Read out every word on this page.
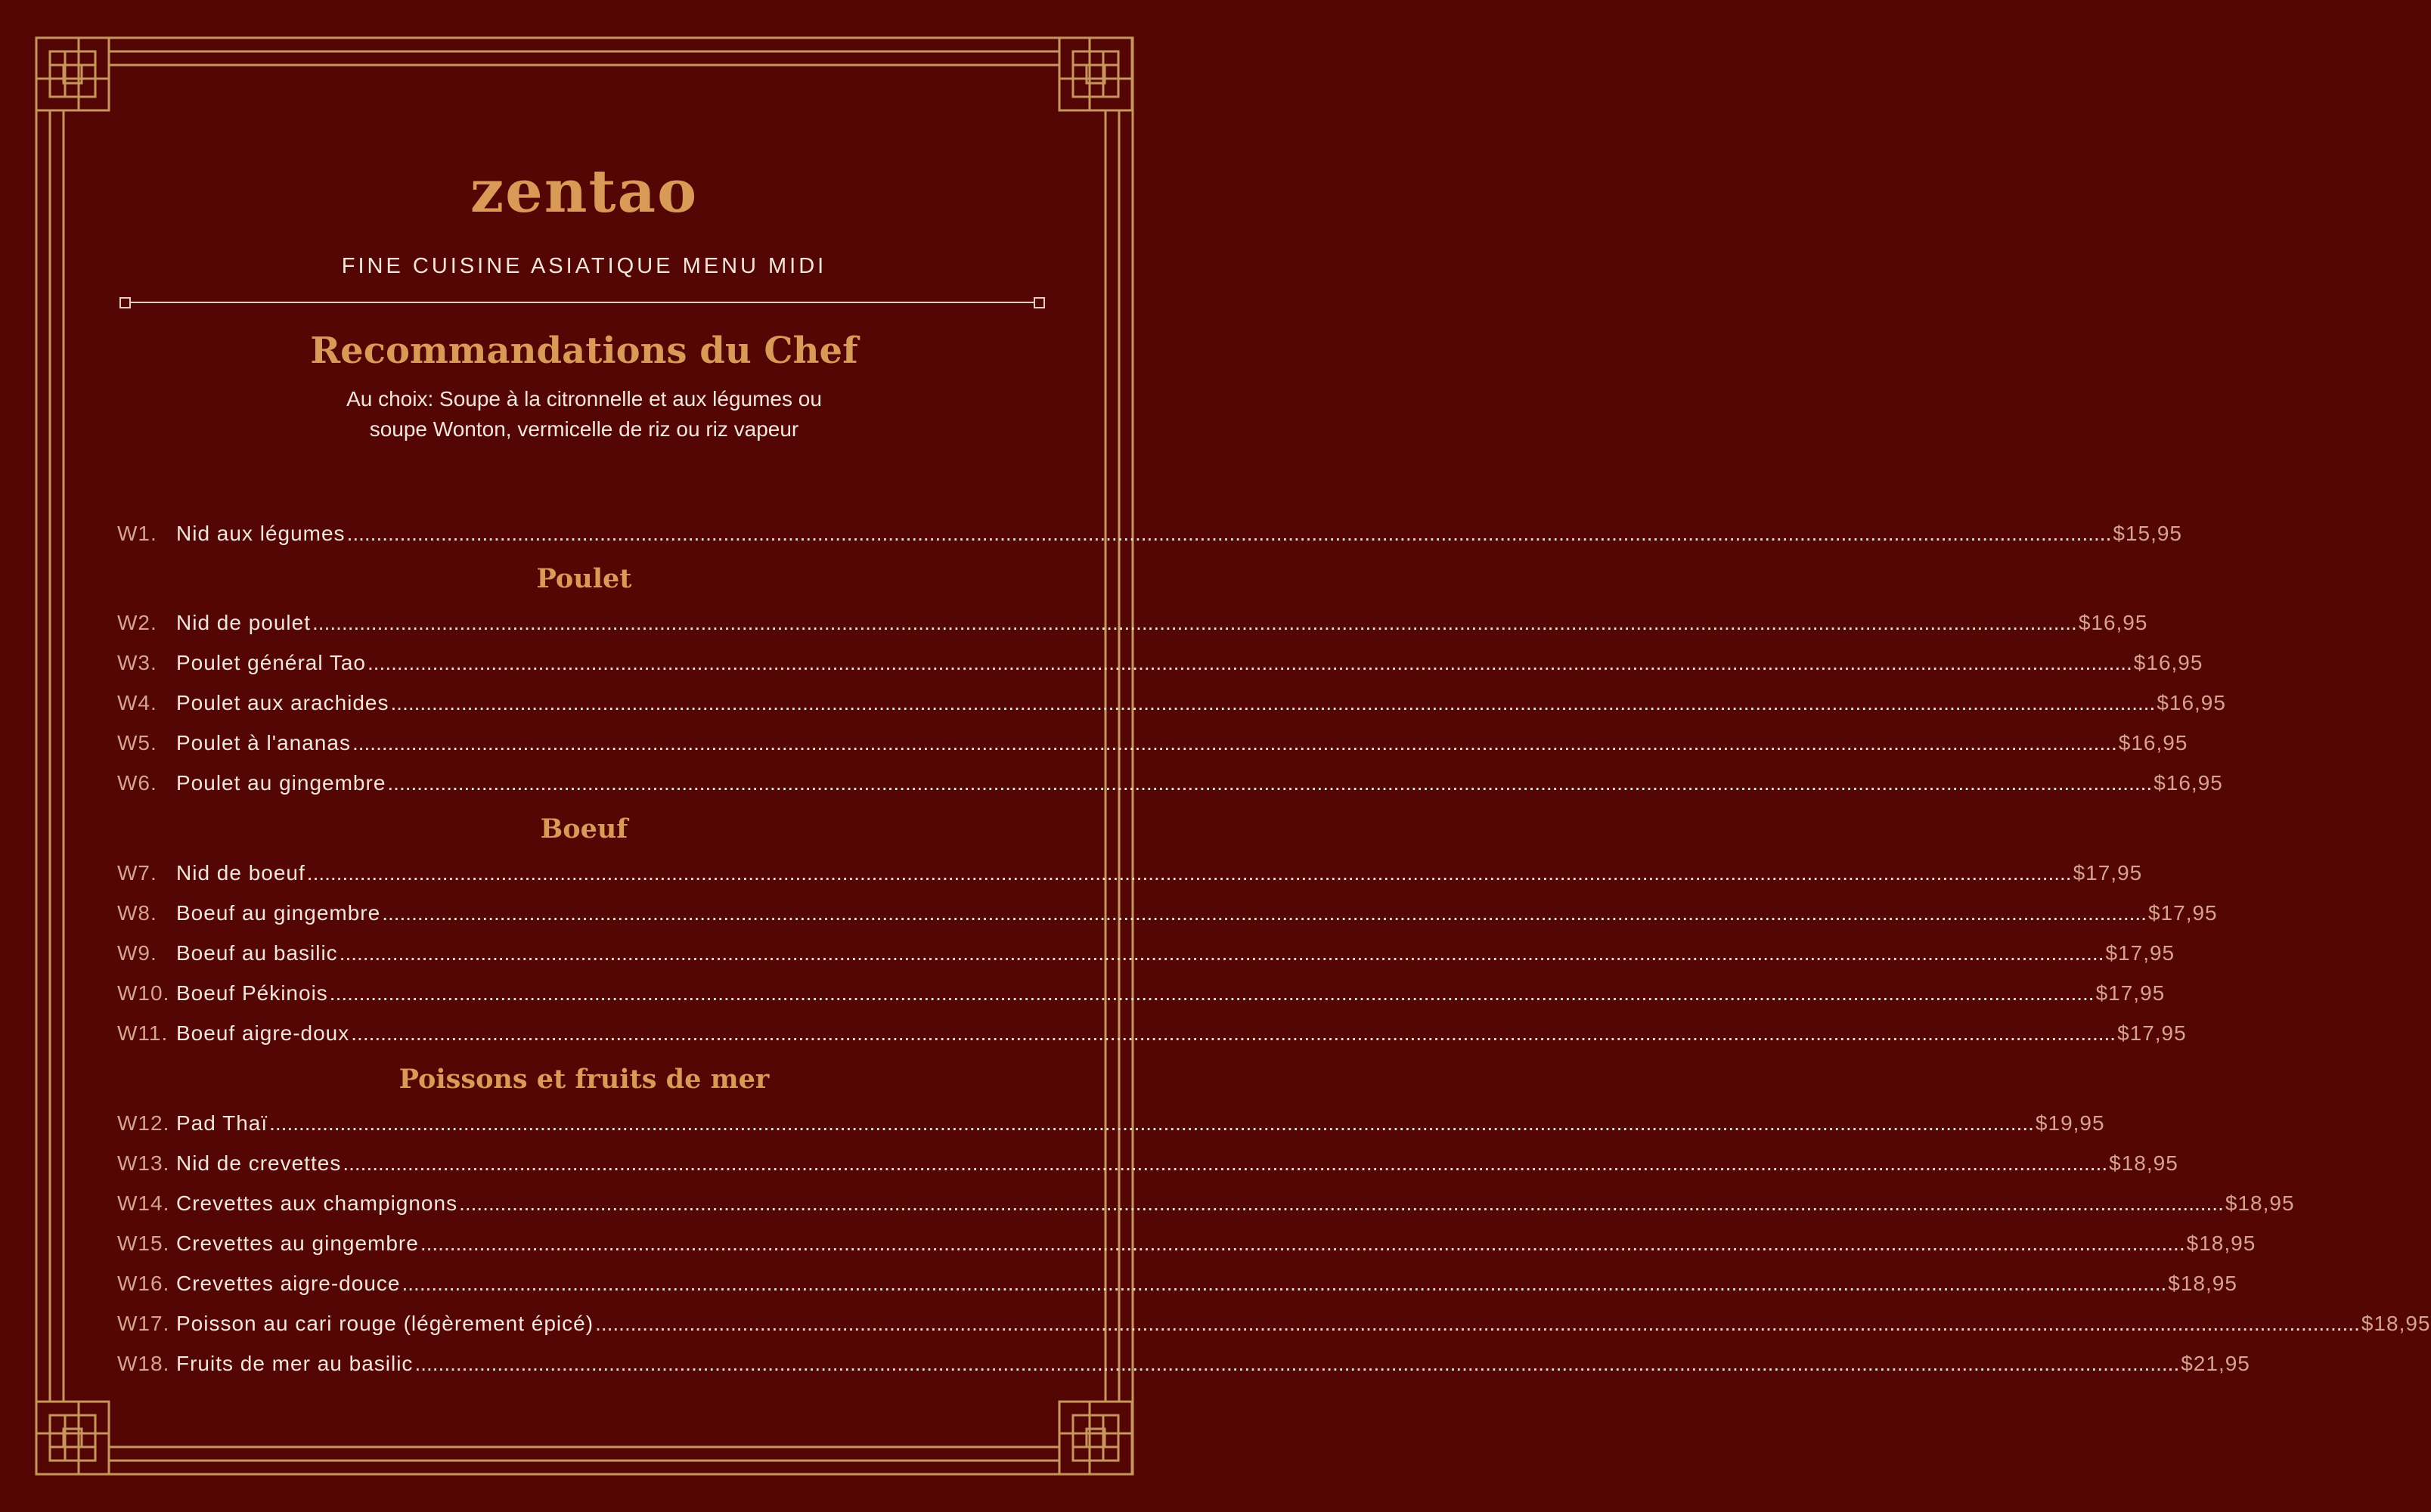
zentao
FINE CUISINE ASIATIQUE MENU MIDI
Recommandations du Chef
Au choix: Soupe à la citronnelle et aux légumes ou
soupe Wonton, vermicelle de riz ou riz vapeur
W1. Nid aux légumes ............................................................................................................................................................................................................................................................................................................ $15,95
Poulet
W2. Nid de poulet ............................................................................................................................................................................................................................................................................................................ $16,95
W3. Poulet général Tao ............................................................................................................................................................................................................................................................................................................ $16,95
W4. Poulet aux arachides ............................................................................................................................................................................................................................................................................................................ $16,95
W5. Poulet à l'ananas ............................................................................................................................................................................................................................................................................................................ $16,95
W6. Poulet au gingembre ............................................................................................................................................................................................................................................................................................................ $16,95
Boeuf
W7. Nid de boeuf ............................................................................................................................................................................................................................................................................................................ $17,95
W8. Boeuf au gingembre ............................................................................................................................................................................................................................................................................................................ $17,95
W9. Boeuf au basilic ............................................................................................................................................................................................................................................................................................................ $17,95
W10. Boeuf Pékinois ............................................................................................................................................................................................................................................................................................................ $17,95
W11. Boeuf aigre-doux ............................................................................................................................................................................................................................................................................................................ $17,95
Poissons et fruits de mer
W12. Pad Thaï ............................................................................................................................................................................................................................................................................................................ $19,95
W13. Nid de crevettes ............................................................................................................................................................................................................................................................................................................ $18,95
W14. Crevettes aux champignons ............................................................................................................................................................................................................................................................................................................ $18,95
W15. Crevettes au gingembre ............................................................................................................................................................................................................................................................................................................ $18,95
W16. Crevettes aigre-douce ............................................................................................................................................................................................................................................................................................................ $18,95
W17. Poisson au cari rouge (légèrement épicé) ............................................................................................................................................................................................................................................................................................................ $18,95
W18. Fruits de mer au basilic ............................................................................................................................................................................................................................................................................................................ $21,95
